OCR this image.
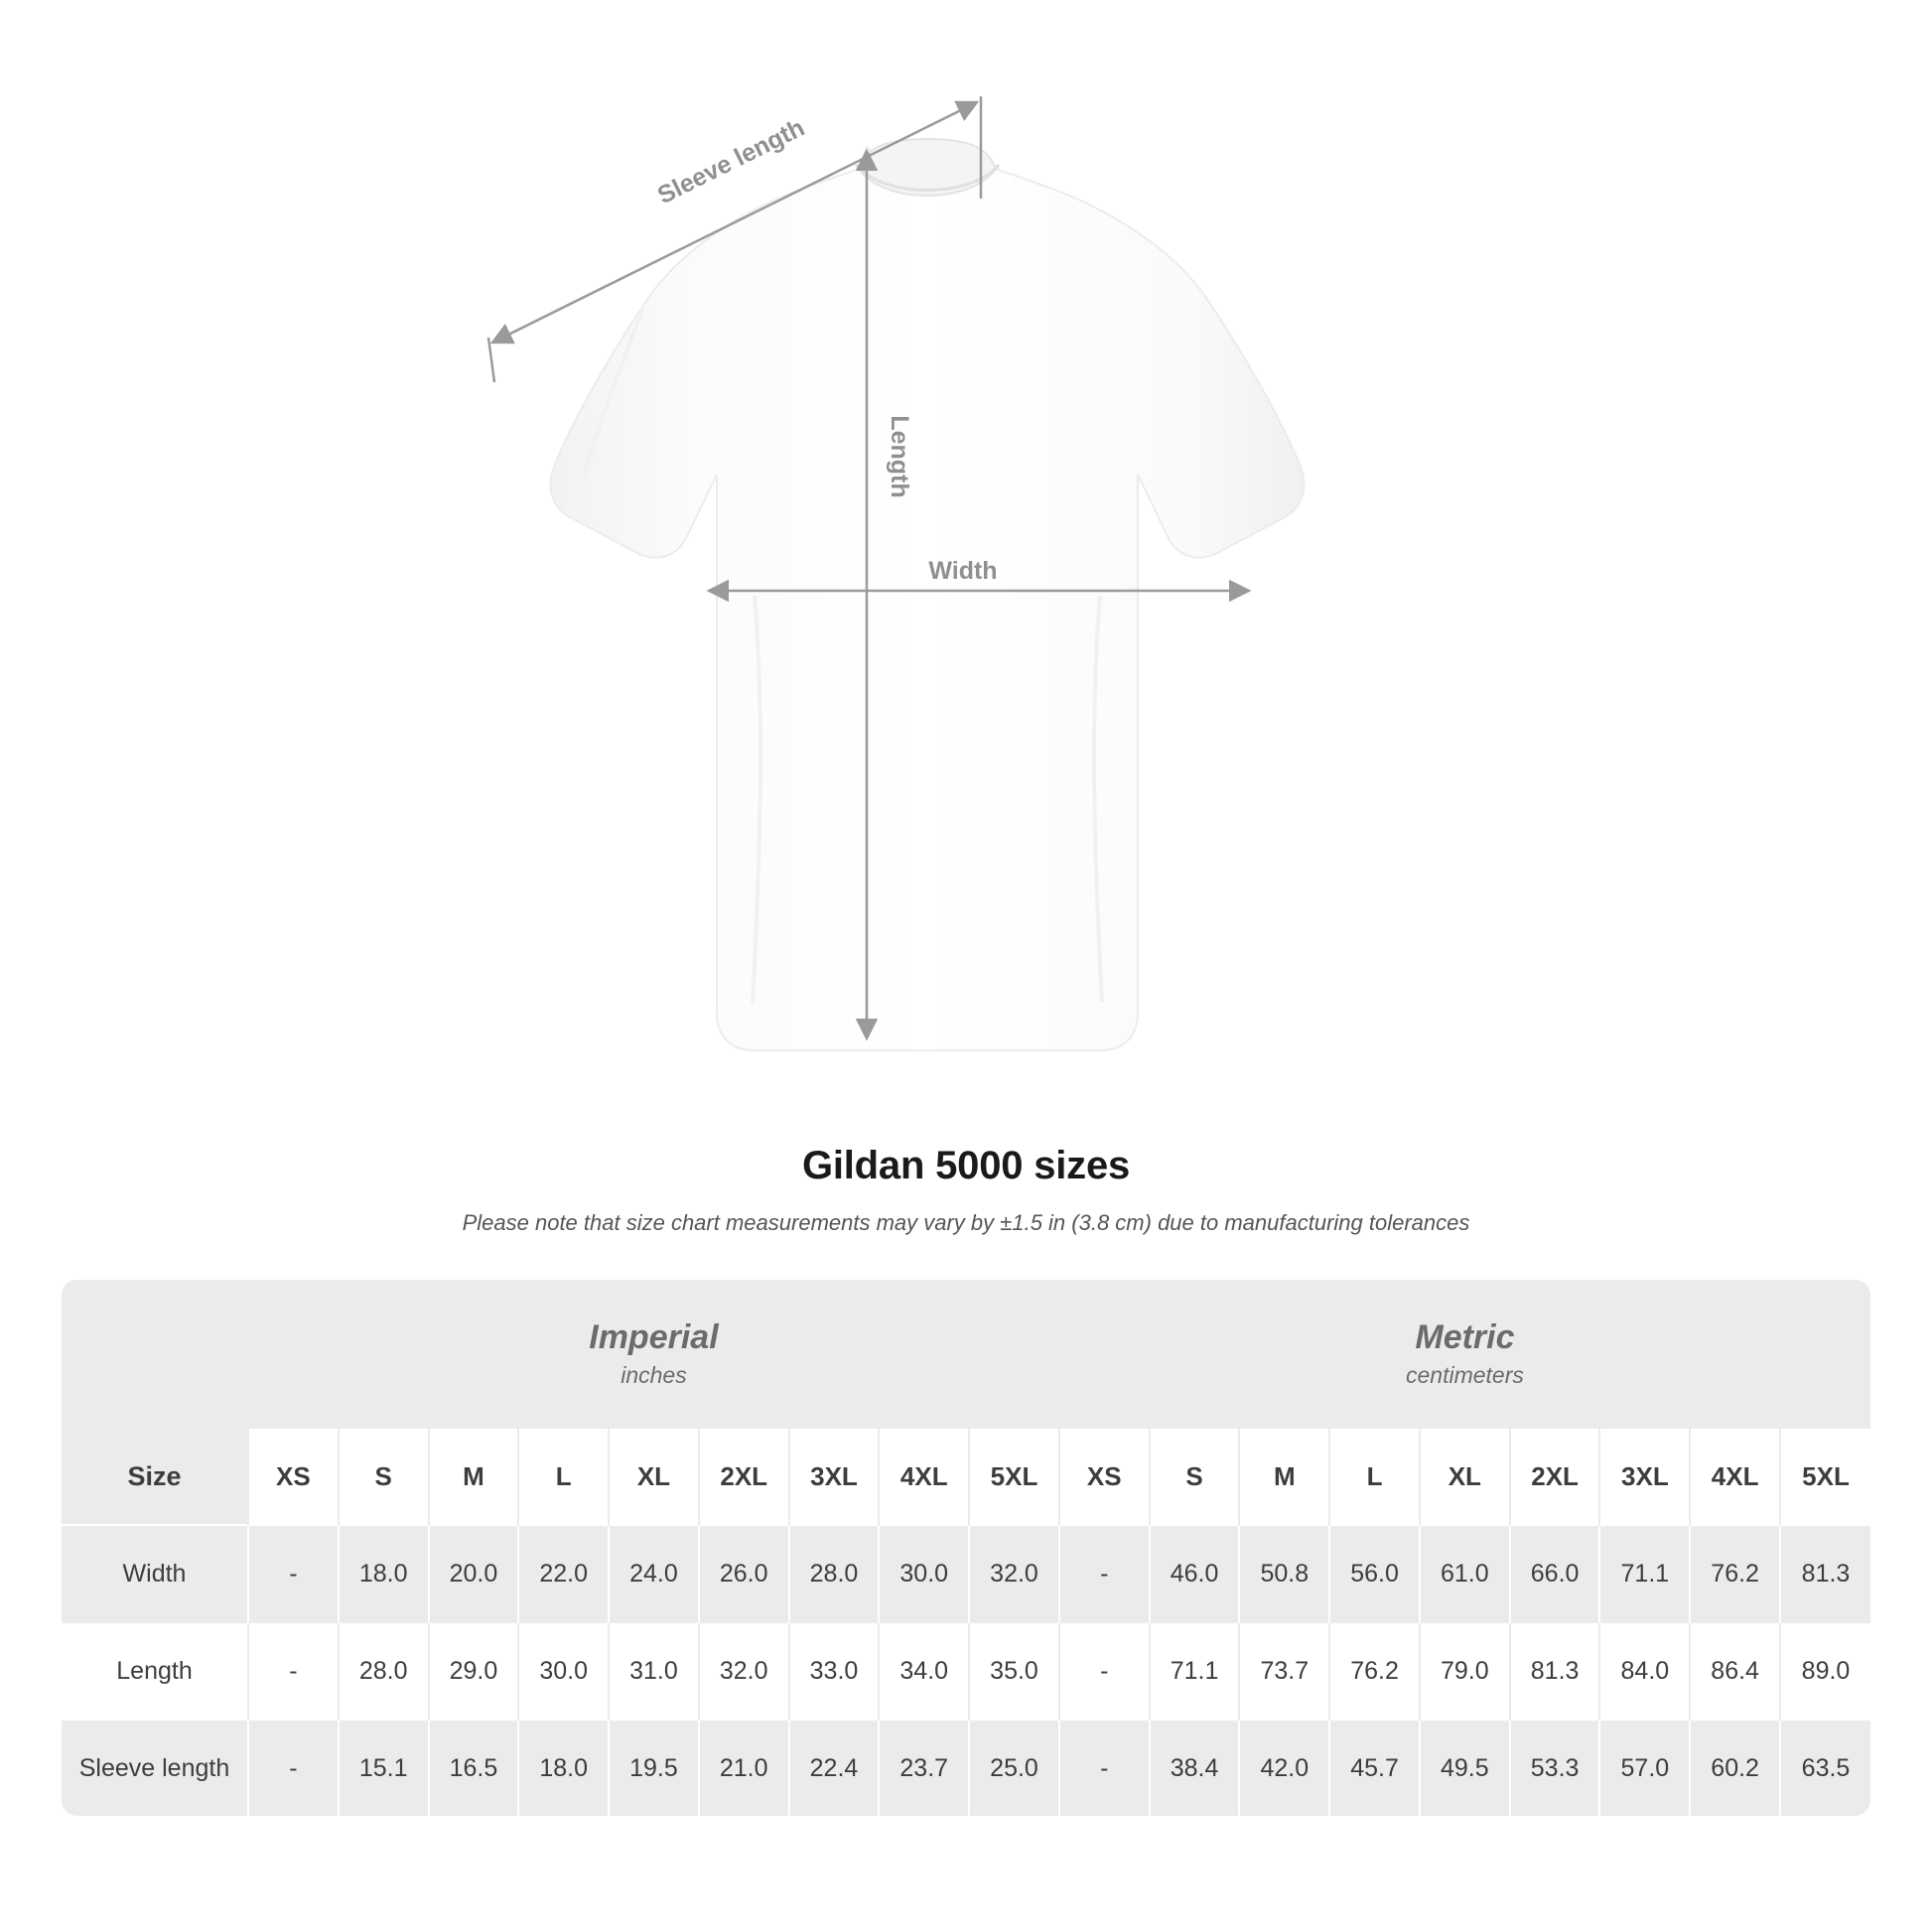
Length
Width
Sleeve length
Gildan 5000 sizes

Please note that size chart measurements may vary by ±1.5 in (3.8 cm) due to manufacturing tolerances

Imperial
inches

Metric
centimeters

Size	XS	S	M	L	XL	2XL	3XL	4XL	5XL	XS	S	M	L	XL	2XL	3XL	4XL	5XL
Width	-	18.0	20.0	22.0	24.0	26.0	28.0	30.0	32.0	-	46.0	50.8	56.0	61.0	66.0	71.1	76.2	81.3
Length	-	28.0	29.0	30.0	31.0	32.0	33.0	34.0	35.0	-	71.1	73.7	76.2	79.0	81.3	84.0	86.4	89.0
Sleeve length	-	15.1	16.5	18.0	19.5	21.0	22.4	23.7	25.0	-	38.4	42.0	45.7	49.5	53.3	57.0	60.2	63.5
